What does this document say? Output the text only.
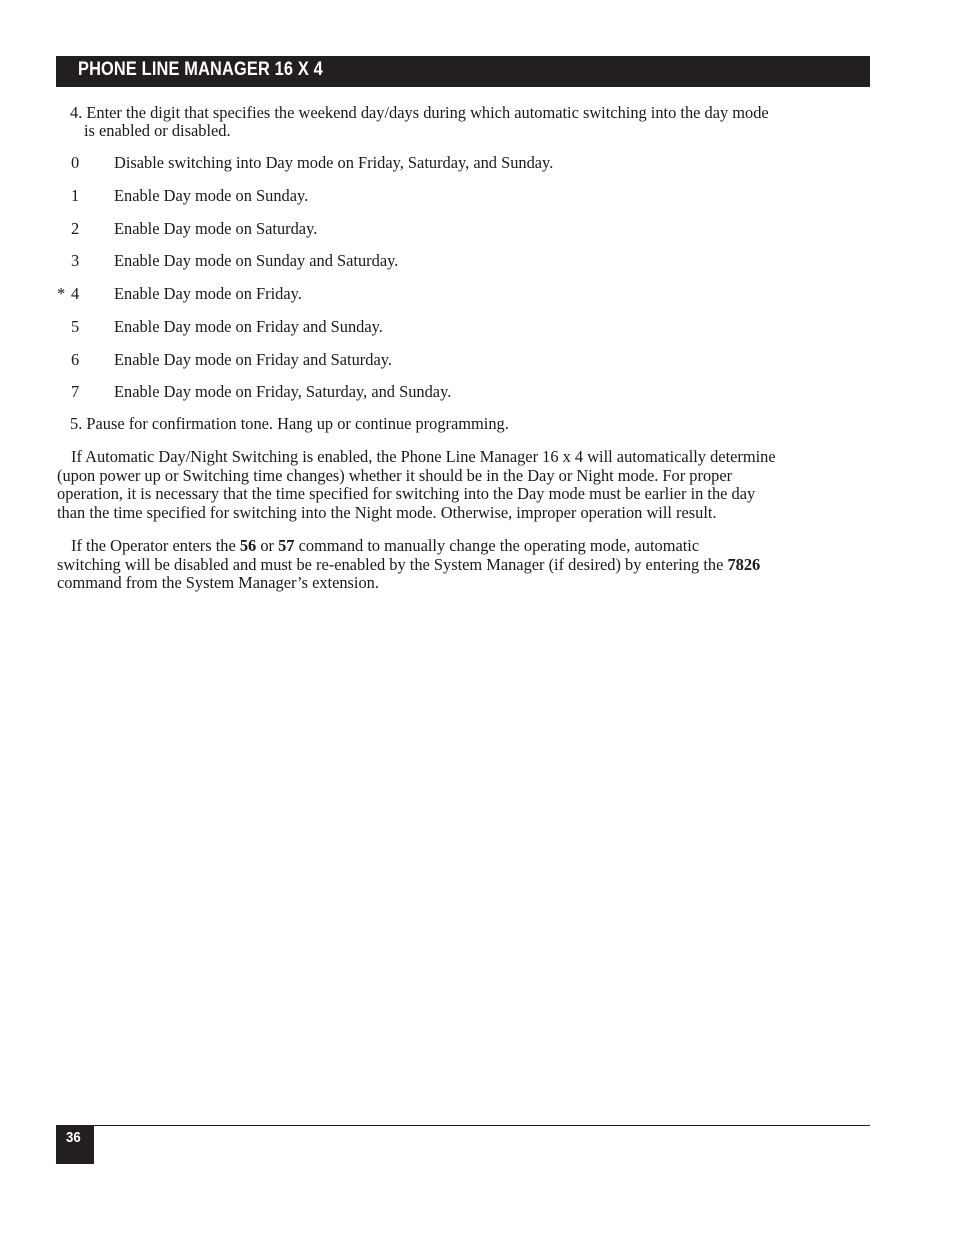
PHONE LINE MANAGER 16 X 4
4. Enter the digit that specifies the weekend day/days during which automatic switching into the day mode
is enabled or disabled.
0 Disable switching into Day mode on Friday, Saturday, and Sunday.
1 Enable Day mode on Sunday.
2 Enable Day mode on Saturday.
3 Enable Day mode on Sunday and Saturday.
* 4 Enable Day mode on Friday.
5 Enable Day mode on Friday and Sunday.
6 Enable Day mode on Friday and Saturday.
7 Enable Day mode on Friday, Saturday, and Sunday.
5. Pause for confirmation tone. Hang up or continue programming.
If Automatic Day/Night Switching is enabled, the Phone Line Manager 16 x 4 will automatically determine
(upon power up or Switching time changes) whether it should be in the Day or Night mode. For proper
operation, it is necessary that the time specified for switching into the Day mode must be earlier in the day
than the time specified for switching into the Night mode. Otherwise, improper operation will result.
If the Operator enters the 56 or 57 command to manually change the operating mode, automatic
switching will be disabled and must be re-enabled by the System Manager (if desired) by entering the 7826
command from the System Manager’s extension.
36
